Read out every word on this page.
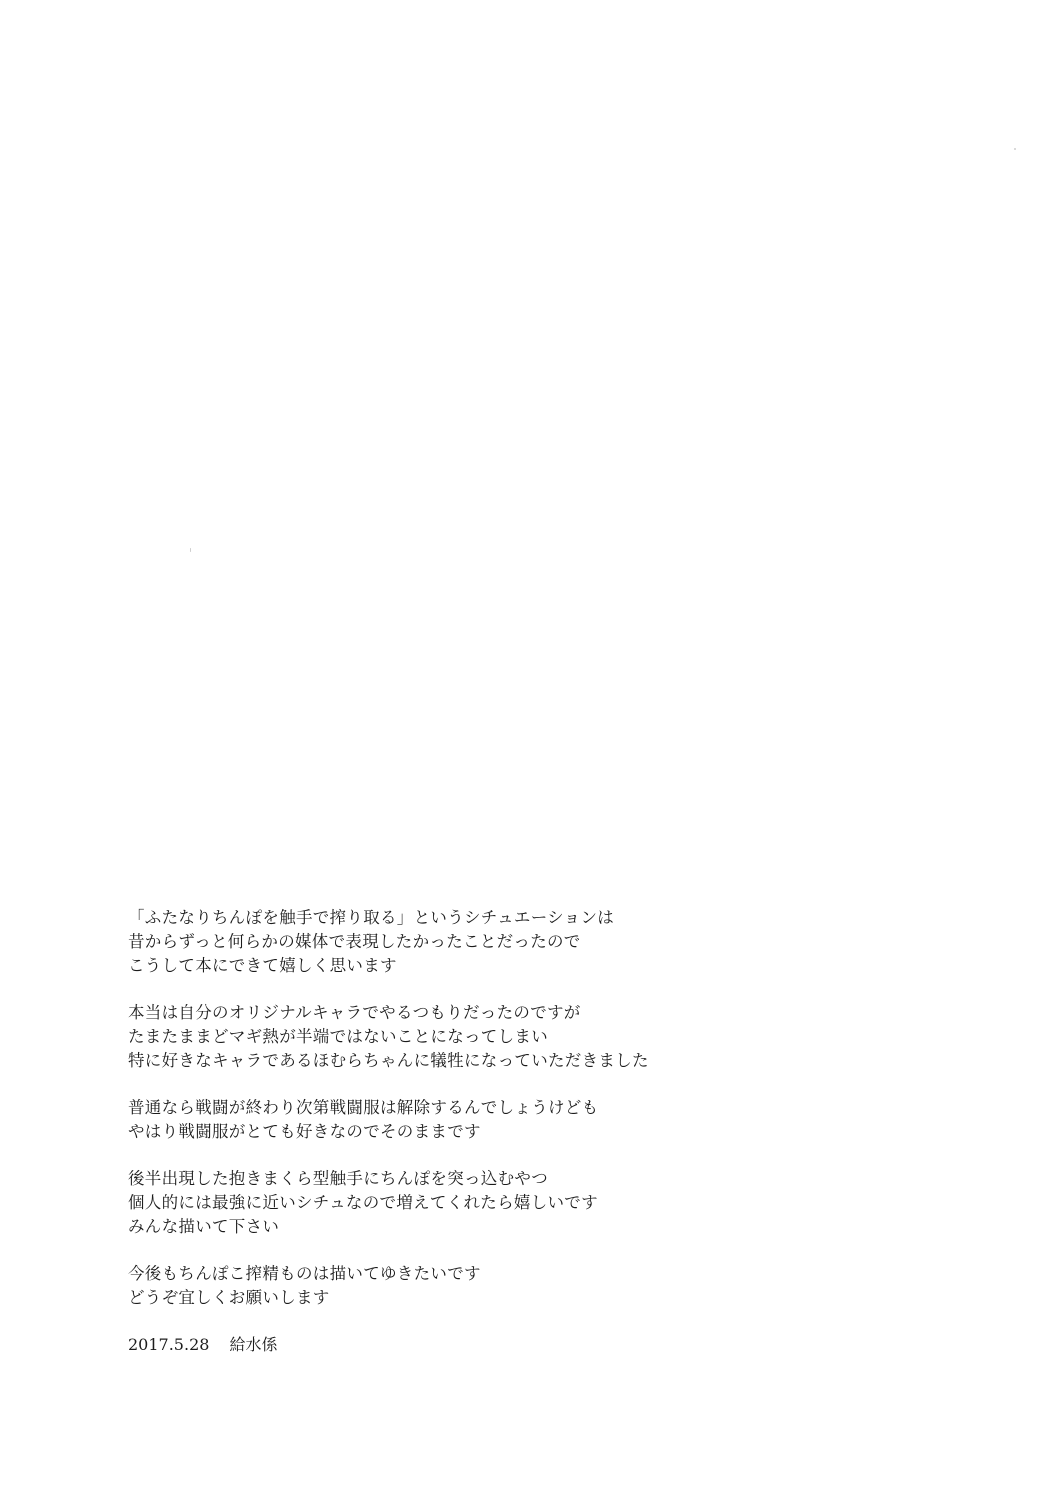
「ふたなりちんぽを触手で搾り取る」というシチュエーションは
昔からずっと何らかの媒体で表現したかったことだったので
こうして本にできて嬉しく思います
本当は自分のオリジナルキャラでやるつもりだったのですが
たまたままどマギ熱が半端ではないことになってしまい
特に好きなキャラであるほむらちゃんに犠牲になっていただきました
普通なら戦闘が終わり次第戦闘服は解除するんでしょうけども
やはり戦闘服がとても好きなのでそのままです
後半出現した抱きまくら型触手にちんぽを突っ込むやつ
個人的には最強に近いシチュなので増えてくれたら嬉しいです
みんな描いて下さい
今後もちんぽこ搾精ものは描いてゆきたいです
どうぞ宜しくお願いします
2017.5.28 給水係
